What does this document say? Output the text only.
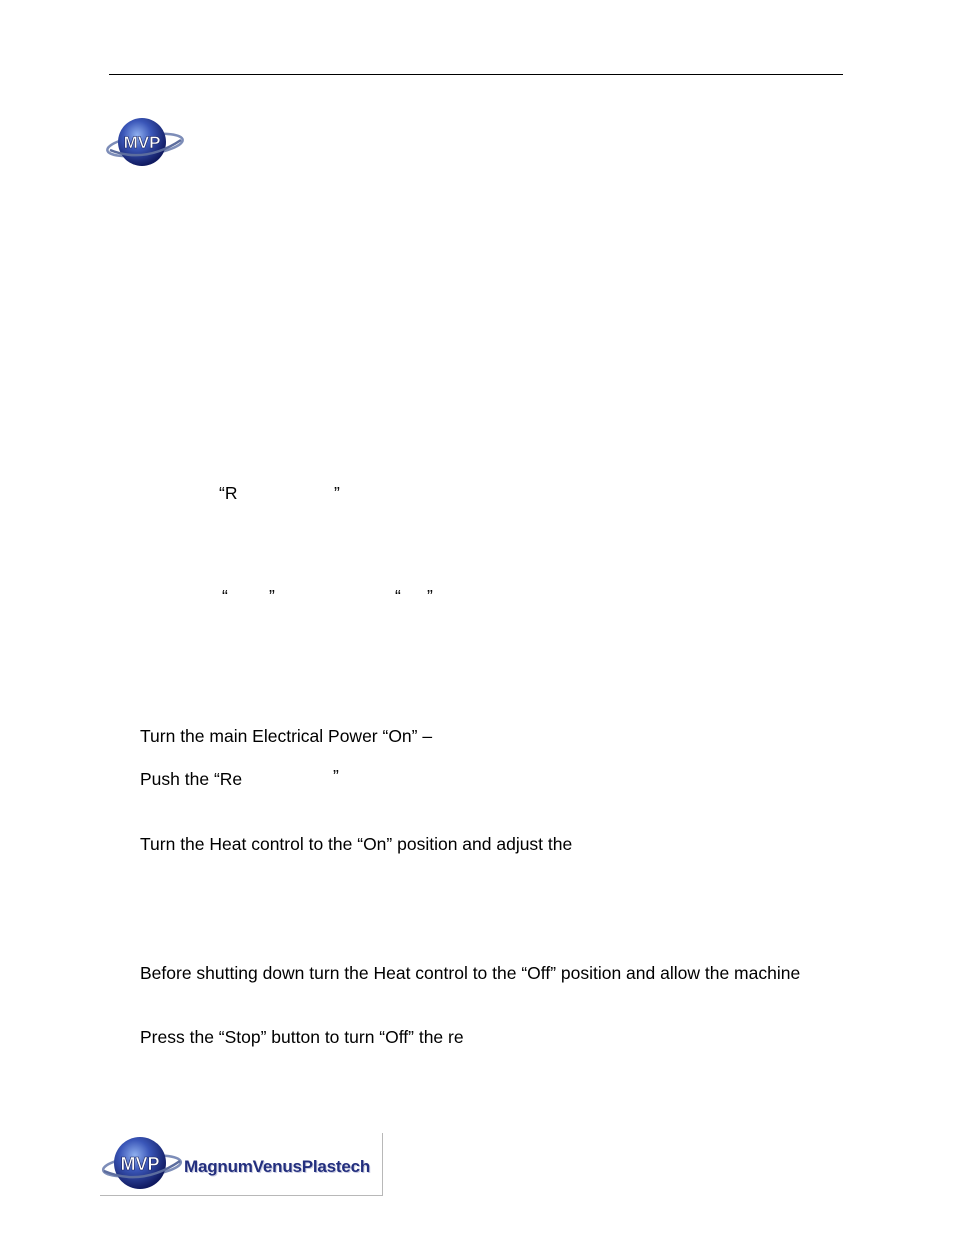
MVP
“R	”
“ ”	“ ”
Turn the main Electrical Power “On” –
Push the “Re	”
Turn the Heat control to the “On” position and adjust the
Before shutting down turn the Heat control to the “Off” position and allow the machine
Press the “Stop” button to turn “Off” the re
MVP MagnumVenusPlastech
